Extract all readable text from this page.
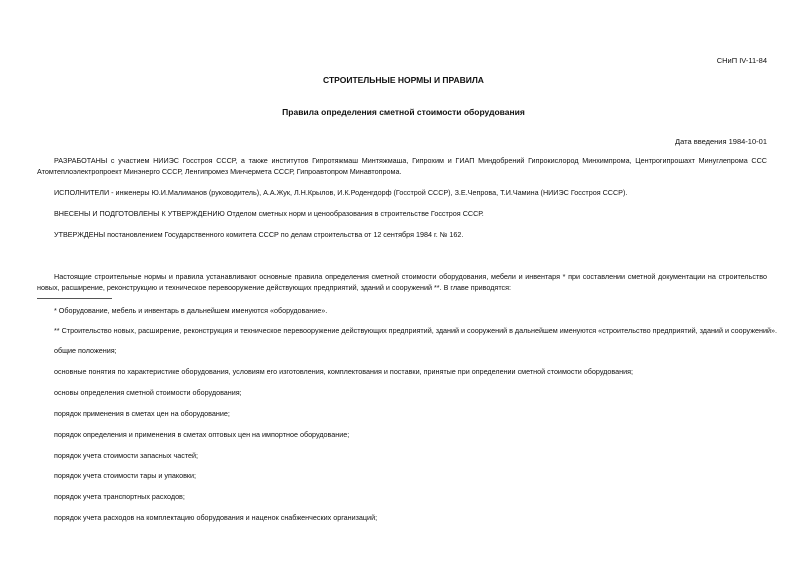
СНиП IV-11-84
СТРОИТЕЛЬНЫЕ НОРМЫ И ПРАВИЛА
Правила определения сметной стоимости оборудования
Дата введения 1984-10-01
РАЗРАБОТАНЫ с участием НИИЭС Госстроя СССР, а также институтов Гипротяжмаш Минтяжмаша, Гипрохим и ГИАП Миндобрений Гипрокислород Минхимпрома, Центрогипрошахт Минуглепрома ССС Атомтеплоэлектропроект Минэнерго СССР, Ленгипромез Минчермета СССР, Гипроавтопром Минавтопрома.
ИСПОЛНИТЕЛИ - инженеры Ю.И.Малиманов (руководитель), А.А.Жук, Л.Н.Крылов, И.К.Роденгдорф (Госстрой СССР), З.Е.Чепрова, Т.И.Чамина (НИИЭС Госстроя СССР).
ВНЕСЕНЫ И ПОДГОТОВЛЕНЫ К УТВЕРЖДЕНИЮ Отделом сметных норм и ценообразования в строительстве Госстроя СССР.
УТВЕРЖДЕНЫ постановлением Государственного комитета СССР по делам строительства от 12 сентября 1984 г. № 162.
Настоящие строительные нормы и правила устанавливают основные правила определения сметной стоимости оборудования, мебели и инвентаря * при составлении сметной документации на строительство новых, расширение, реконструкцию и техническое перевооружение действующих предприятий, зданий и сооружений **. В главе приводятся:
* Оборудование, мебель и инвентарь в дальнейшем именуются «оборудование».
** Строительство новых, расширение, реконструкция и техническое перевооружение действующих предприятий, зданий и сооружений в дальнейшем именуются «строительство предприятий, зданий и сооружений».
общие положения;
основные понятия по характеристике оборудования, условиям его изготовления, комплектования и поставки, принятые при определении сметной стоимости оборудования;
основы определения сметной стоимости оборудования;
порядок применения в сметах цен на оборудование;
порядок определения и применения в сметах оптовых цен на импортное оборудование;
порядок учета стоимости запасных частей;
порядок учета стоимости тары и упаковки;
порядок учета транспортных расходов;
порядок учета расходов на комплектацию оборудования и наценок снабженческих организаций;
